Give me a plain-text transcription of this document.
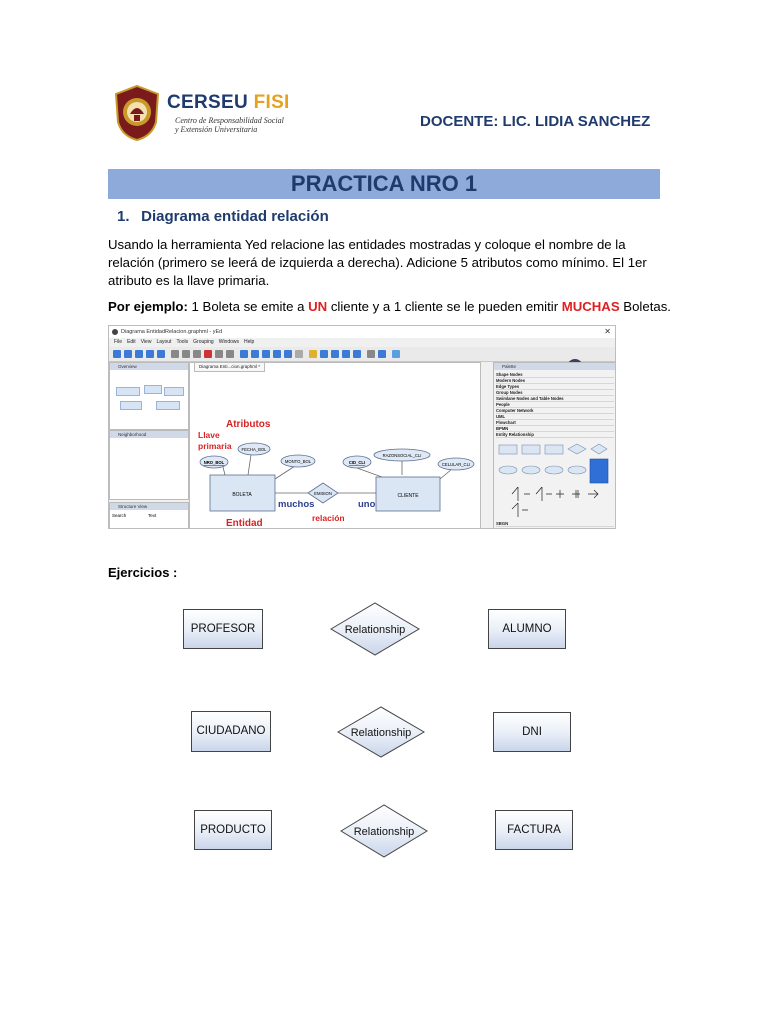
CERSEU FISI
Centro de Responsabilidad Social
y Extensión Universitaria	DOCENTE: LIC. LIDIA SANCHEZ
PRACTICA NRO 1
1. Diagrama entidad relación
Usando la herramienta Yed relacione las entidades mostradas y coloque el nombre de la relación (primero se leerá de izquierda a derecha). Adicione 5 atributos como mínimo. El 1er atributo es la llave primaria.
Por ejemplo: 1 Boleta se emite a UN cliente y a 1 cliente se le pueden emitir MUCHAS Boletas.
Diagrama EntidadRelacion.graphml - yEd	✕
File Edit View Layout Tools Grouping Windows Help
Overview
Neighborhood
Structure View
Search	Text
Diagrama Enti...cion.graphml *
BOLETA	CLIENTE
EMISION
NRO_BOL
FECHA_BOL
MONTO_BOL	CID_CLI
RAZONSOCIAL_CLI
CELULAR_CLI
Atributos
Llave
primaria
Entidad
muchos	uno
relación
Palette
Shape Nodes
Modern Nodes
Edge Types
Group Nodes
Swimlane Nodes and Table Nodes
People
Computer Network
UML
Flowchart
BPMN
Entity Relationship
SBGN
Ejercicios :
PROFESOR	Relationship	ALUMNO
CIUDADANO	Relationship	DNI
PRODUCTO	Relationship	FACTURA
